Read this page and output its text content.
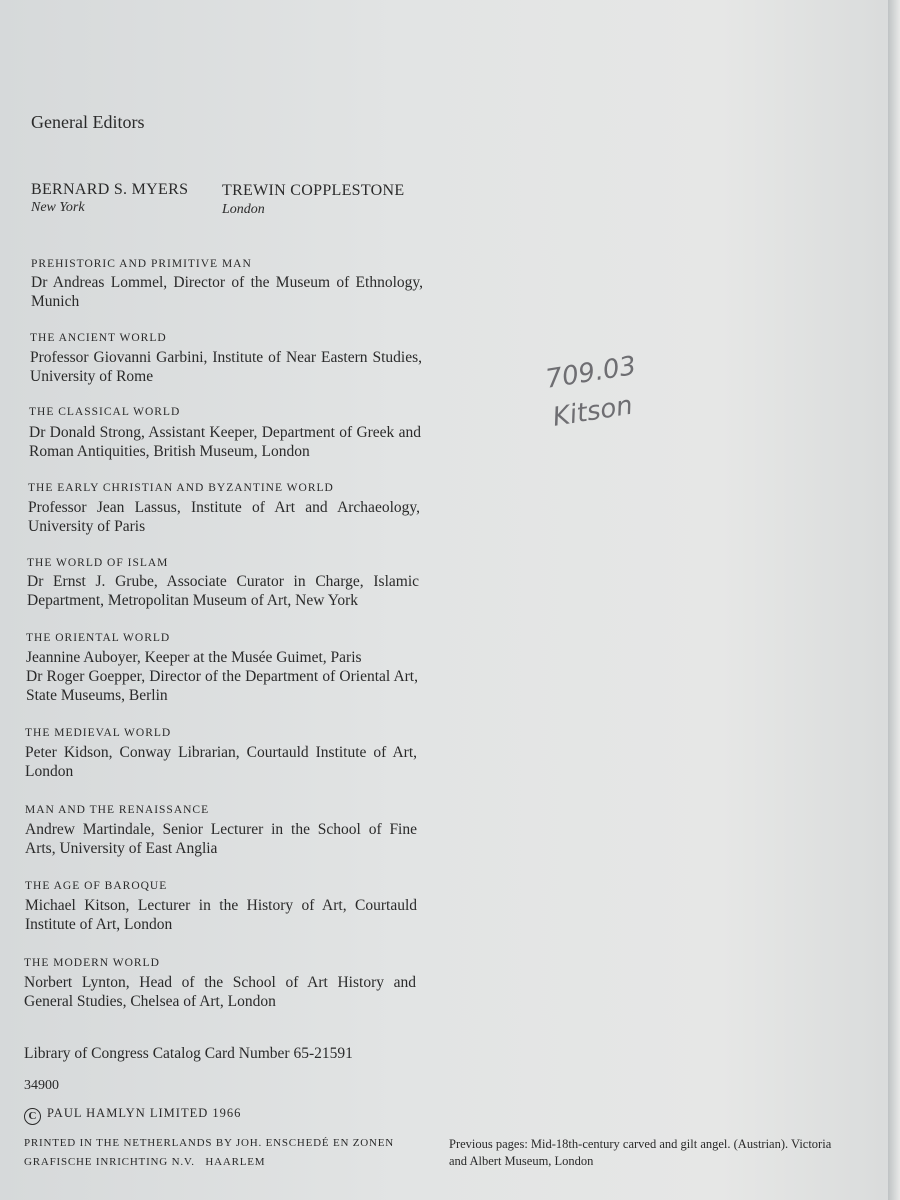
General Editors
BERNARD S. MYERS
New York
TREWIN COPPLESTONE
London
PREHISTORIC AND PRIMITIVE MAN
Dr Andreas Lommel, Director of the Museum of Ethnology, Munich
THE ANCIENT WORLD
Professor Giovanni Garbini, Institute of Near Eastern Studies, University of Rome
THE CLASSICAL WORLD
Dr Donald Strong, Assistant Keeper, Department of Greek and Roman Antiquities, British Museum, London
THE EARLY CHRISTIAN AND BYZANTINE WORLD
Professor Jean Lassus, Institute of Art and Archaeology, University of Paris
THE WORLD OF ISLAM
Dr Ernst J. Grube, Associate Curator in Charge, Islamic Department, Metropolitan Museum of Art, New York
THE ORIENTAL WORLD
Jeannine Auboyer, Keeper at the Musée Guimet, Paris
Dr Roger Goepper, Director of the Department of Oriental Art, State Museums, Berlin
THE MEDIEVAL WORLD
Peter Kidson, Conway Librarian, Courtauld Institute of Art, London
MAN AND THE RENAISSANCE
Andrew Martindale, Senior Lecturer in the School of Fine Arts, University of East Anglia
THE AGE OF BAROQUE
Michael Kitson, Lecturer in the History of Art, Courtauld Institute of Art, London
THE MODERN WORLD
Norbert Lynton, Head of the School of Art History and General Studies, Chelsea of Art, London
Library of Congress Catalog Card Number 65-21591
34900
C PAUL HAMLYN LIMITED 1966
PRINTED IN THE NETHERLANDS BY JOH. ENSCHEDÉ EN ZONEN
GRAFISCHE INRICHTING N.V.   HAARLEM
Previous pages: Mid-18th-century carved and gilt angel. (Austrian). Victoria and Albert Museum, London
709.03
Kitson
